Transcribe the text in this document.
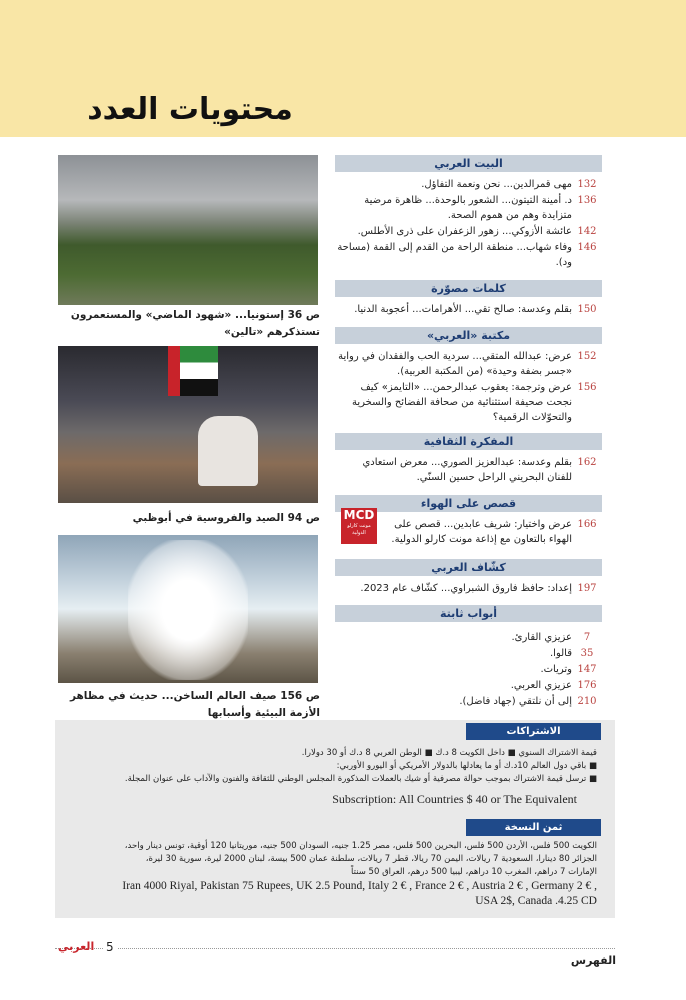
محتويات العدد
ص 36 إستونيا... «شهود الماضي» والمستعمرون تستذكرهم «تالين»
ص 94 الصيد والفروسية في أبوظبي
ص 156 صيف العالم الساخن... حديث في مظاهر الأزمة البيئية وأسبابها
البيت العربي
132
مهى قمرالدين... نحن ونعمة التفاؤل.
136
د. أمينة التيتون... الشعور بالوحدة... ظاهرة مرضية متزايدة وهم من هموم الصحة.
142
عائشة الأزوكي... زهور الزعفران على ذرى الأطلس.
146
وفاء شهاب... منطقة الراحة من القدم إلى القمة (مساحة ود).
كلمات مصوّرة
150
بقلم وعدسة: صالح تقي... الأهرامات... أعجوبة الدنيا.
مكتبة «العربي»
152
عرض: عبدالله المتقي... سردية الحب والفقدان في رواية «جسر بضفة وحيدة» (من المكتبة العربية).
156
عرض وترجمة: يعقوب عبدالرحمن... «التايمز» كيف نجحت صحيفة استثنائية من صحافة الفضائح والسخرية والتحوّلات الرقمية؟
المفكرة الثقافية
162
بقلم وعدسة: عبدالعزيز الصوري... معرض استعادي للفنان البحريني الراحل حسين السنّي.
قصص على الهواء
166
عرض واختيار: شريف عابدين... قصص على الهواء بالتعاون مع إذاعة مونت كارلو الدولية.
كشّاف العربي
197
إعداد: حافظ فاروق الشبراوي... كشّاف عام 2023.
أبواب ثابتة
7
عزيزي القارئ.
35
قالوا.
147
وتريات.
176
عزيزي العربي.
210
إلى أن نلتقي (جهاد فاضل).
MCD
مونت كارلو الدولية
الاشتراكات
قيمة الاشتراك السنوي ■ داخل الكويت 8 د.ك ■ الوطن العربي 8 د.ك أو 30 دولارا.
■ باقي دول العالم 10د.ك أو ما يعادلها بالدولار الأمريكي أو اليورو الأوربي:
■ ترسل قيمة الاشتراك بموجب حوالة مصرفية أو شيك بالعملات المذكورة المجلس الوطني للثقافة والفنون والآداب على عنوان المجلة.
Subscription: All Countries $ 40 or The Equivalent
ثمن النسخة
الكويت 500 فلس، الأردن 500 فلس، البحرين 500 فلس، مصر 1.25 جنيه، السودان 500 جنيه، موريتانيا 120 أوقية، تونس دينار واحد،
الجزائر 80 دينارا، السعودية 7 ريالات، اليمن 70 ريالا، قطر 7 ريالات، سلطنة عمان 500 بيسة، لبنان 2000 ليرة، سورية 30 ليرة،
الإمارات 7 دراهم، المغرب 10 دراهم، ليبيا 500 درهم، العراق 50 سنتاً
Iran 4000 Riyal, Pakistan 75 Rupees, UK 2.5 Pound, Italy 2 € , France 2 € , Austria 2 € , Germany 2 € ,
USA 2$, Canada .4.25 CD
العربي 5
الفهرس
